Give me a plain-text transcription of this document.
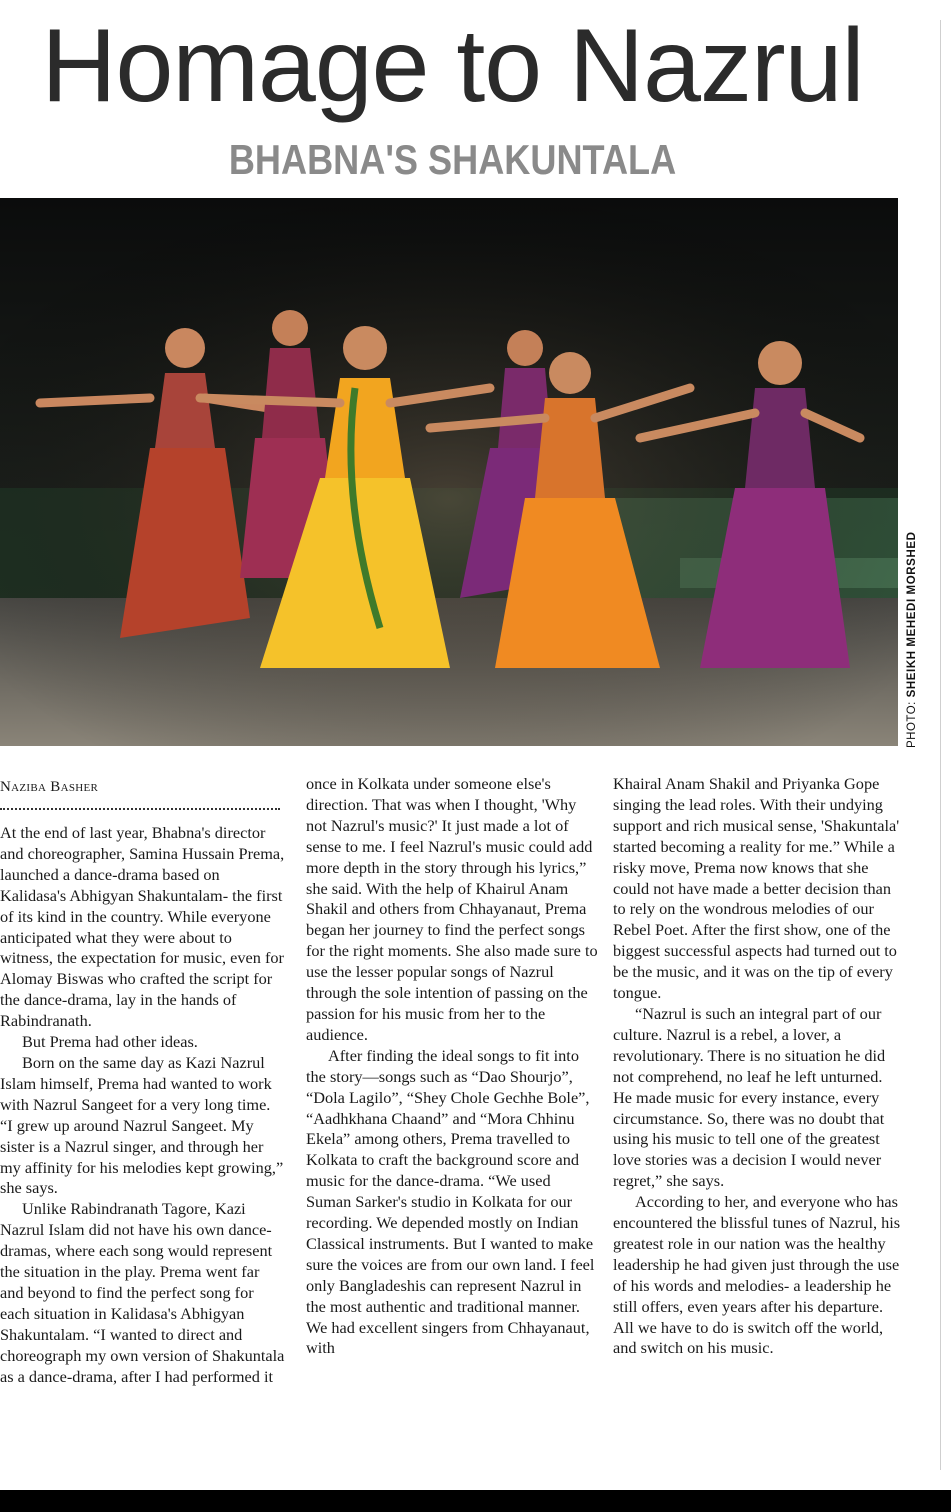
Homage to Nazrul
BHABNA'S SHAKUNTALA
PHOTO: SHEIKH MEHEDI MORSHED
Naziba Basher

At the end of last year, Bhabna's director and choreographer, Samina Hussain Prema, launched a dance-drama based on Kalidasa's Abhigyan Shakuntalam- the first of its kind in the country. While everyone anticipated what they were about to witness, the expectation for music, even for Alomay Biswas who crafted the script for the dance-drama, lay in the hands of Rabindranath.

But Prema had other ideas.

Born on the same day as Kazi Nazrul Islam himself, Prema had wanted to work with Nazrul Sangeet for a very long time. “I grew up around Nazrul Sangeet. My sister is a Nazrul singer, and through her my affinity for his melodies kept growing,” she says.

Unlike Rabindranath Tagore, Kazi Nazrul Islam did not have his own dance-dramas, where each song would represent the situation in the play. Prema went far and beyond to find the perfect song for each situation in Kalidasa's Abhigyan Shakuntalam. “I wanted to direct and choreograph my own version of Shakuntala as a dance-drama, after I had performed it

once in Kolkata under someone else's direction. That was when I thought, 'Why not Nazrul's music?' It just made a lot of sense to me. I feel Nazrul's music could add more depth in the story through his lyrics,” she said. With the help of Khairul Anam Shakil and others from Chhayanaut, Prema began her journey to find the perfect songs for the right moments. She also made sure to use the lesser popular songs of Nazrul through the sole intention of passing on the passion for his music from her to the audience.

After finding the ideal songs to fit into the story—songs such as “Dao Shourjo”, “Dola Lagilo”, “Shey Chole Gechhe Bole”, “Aadhkhana Chaand” and “Mora Chhinu Ekela” among others, Prema travelled to Kolkata to craft the background score and music for the dance-drama. “We used Suman Sarker's studio in Kolkata for our recording. We depended mostly on Indian Classical instruments. But I wanted to make sure the voices are from our own land. I feel only Bangladeshis can represent Nazrul in the most authentic and traditional manner. We had excellent singers from Chhayanaut, with

Khairal Anam Shakil and Priyanka Gope singing the lead roles. With their undying support and rich musical sense, 'Shakuntala' started becoming a reality for me.” While a risky move, Prema now knows that she could not have made a better decision than to rely on the wondrous melodies of our Rebel Poet. After the first show, one of the biggest successful aspects had turned out to be the music, and it was on the tip of every tongue.

“Nazrul is such an integral part of our culture. Nazrul is a rebel, a lover, a revolutionary. There is no situation he did not comprehend, no leaf he left unturned. He made music for every instance, every circumstance. So, there was no doubt that using his music to tell one of the greatest love stories was a decision I would never regret,” she says.

According to her, and everyone who has encountered the blissful tunes of Nazrul, his greatest role in our nation was the healthy leadership he had given just through the use of his words and melodies- a leadership he still offers, even years after his departure. All we have to do is switch off the world, and switch on his music.
